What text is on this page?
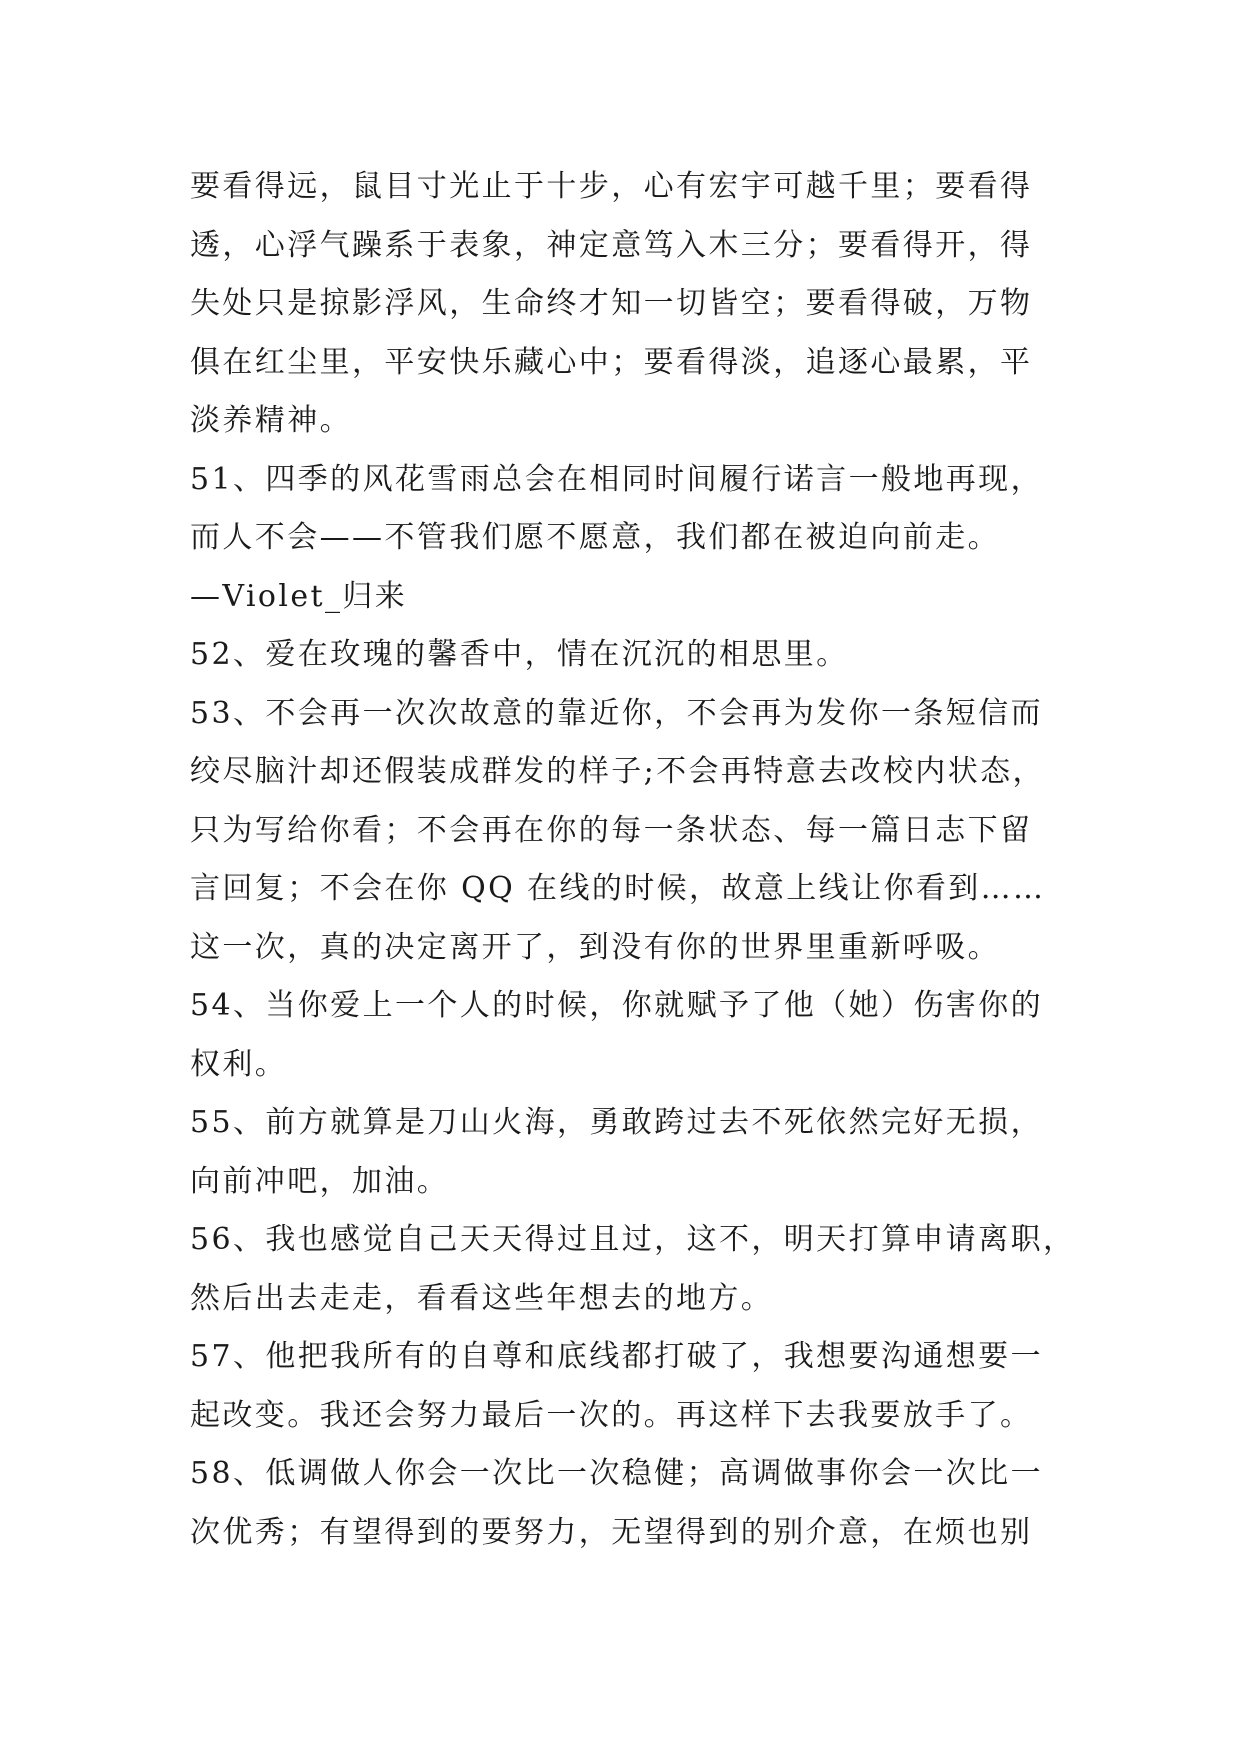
要看得远，鼠目寸光止于十步，心有宏宇可越千里；要看得
透，心浮气躁系于表象，神定意笃入木三分；要看得开，得
失处只是掠影浮风，生命终才知一切皆空；要看得破，万物
俱在红尘里，平安快乐藏心中；要看得淡，追逐心最累，平
淡养精神。
51、四季的风花雪雨总会在相同时间履行诺言一般地再现，
而人不会——不管我们愿不愿意，我们都在被迫向前走。
—Violet_归来
52、爱在玫瑰的馨香中，情在沉沉的相思里。
53、不会再一次次故意的靠近你，不会再为发你一条短信而
绞尽脑汁却还假装成群发的样子;不会再特意去改校内状态，
只为写给你看；不会再在你的每一条状态、每一篇日志下留
言回复；不会在你 QQ 在线的时候，故意上线让你看到……
这一次，真的决定离开了，到没有你的世界里重新呼吸。
54、当你爱上一个人的时候，你就赋予了他（她）伤害你的
权利。
55、前方就算是刀山火海，勇敢跨过去不死依然完好无损，
向前冲吧，加油。
56、我也感觉自己天天得过且过，这不，明天打算申请离职，
然后出去走走，看看这些年想去的地方。
57、他把我所有的自尊和底线都打破了，我想要沟通想要一
起改变。我还会努力最后一次的。再这样下去我要放手了。
58、低调做人你会一次比一次稳健；高调做事你会一次比一
次优秀；有望得到的要努力，无望得到的别介意，在烦也别
